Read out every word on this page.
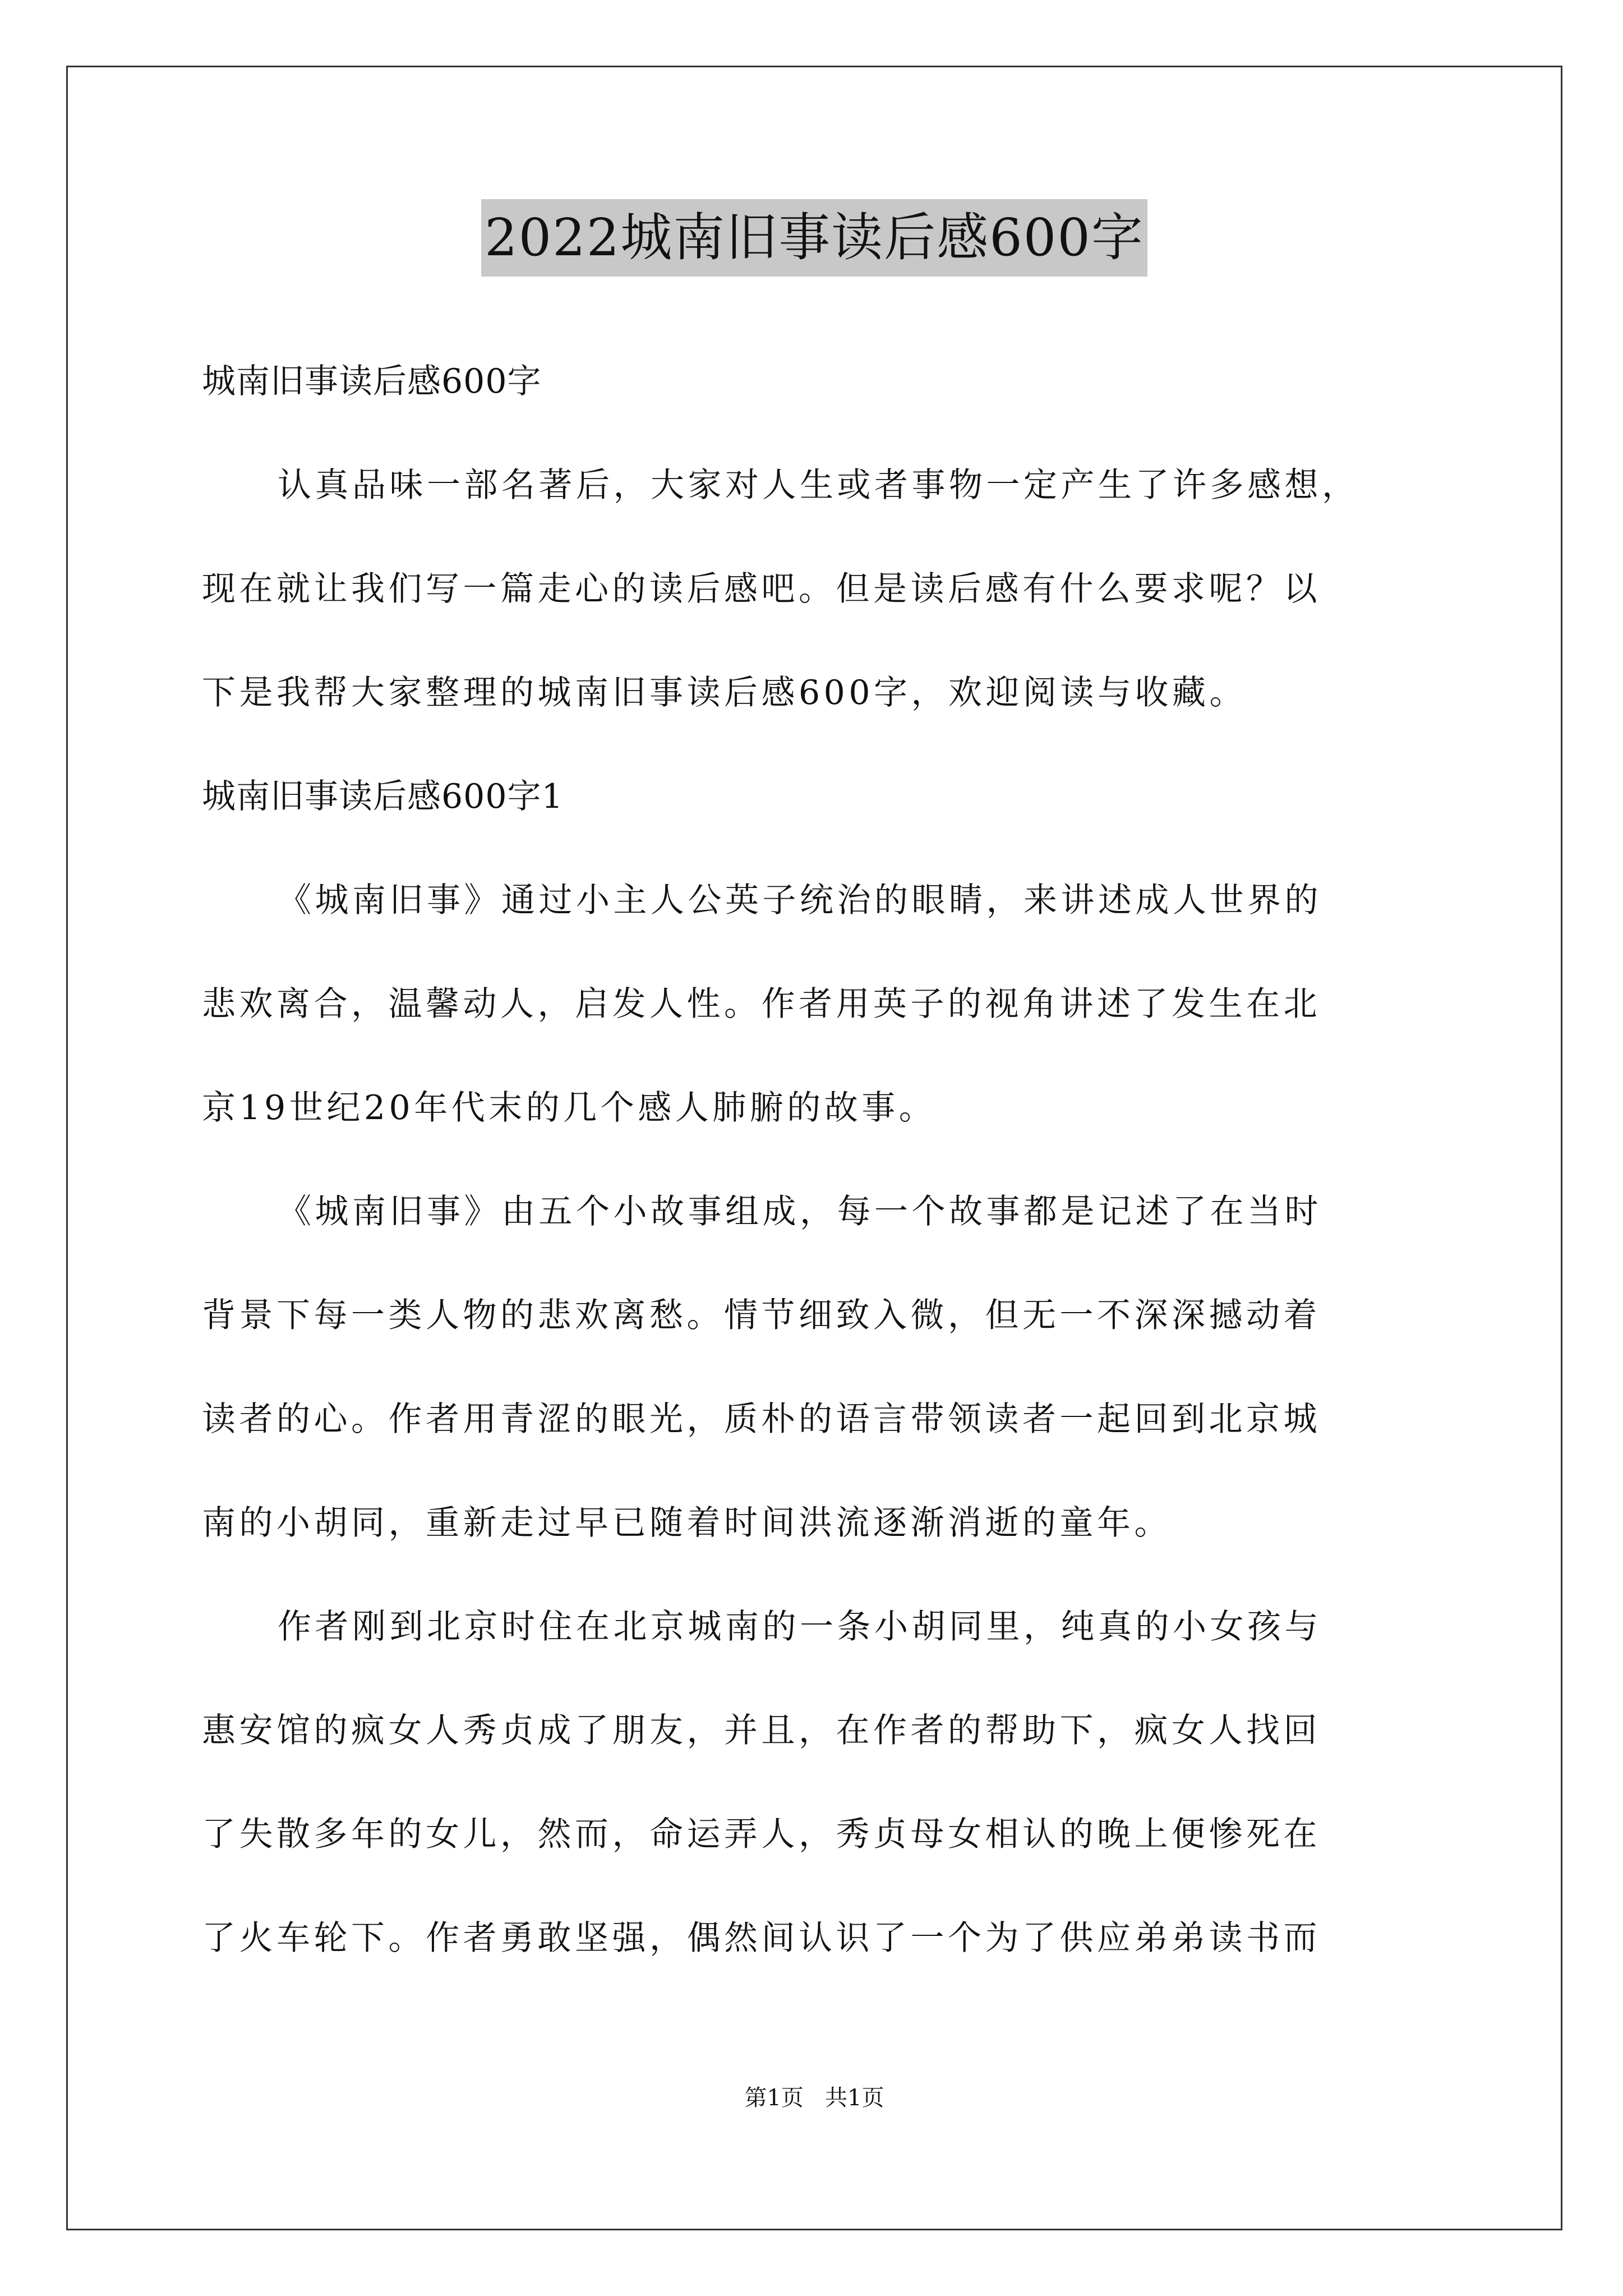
2022城南旧事读后感600字
城南旧事读后感600字
认真品味一部名著后，大家对人生或者事物一定产生了许多感想，
现在就让我们写一篇走心的读后感吧。但是读后感有什么要求呢？以
下是我帮大家整理的城南旧事读后感600字，欢迎阅读与收藏。
城南旧事读后感600字1
《城南旧事》通过小主人公英子统治的眼睛，来讲述成人世界的
悲欢离合，温馨动人，启发人性。作者用英子的视角讲述了发生在北
京19世纪20年代末的几个感人肺腑的故事。
《城南旧事》由五个小故事组成，每一个故事都是记述了在当时
背景下每一类人物的悲欢离愁。情节细致入微，但无一不深深撼动着
读者的心。作者用青涩的眼光，质朴的语言带领读者一起回到北京城
南的小胡同，重新走过早已随着时间洪流逐渐消逝的童年。
作者刚到北京时住在北京城南的一条小胡同里，纯真的小女孩与
惠安馆的疯女人秀贞成了朋友，并且，在作者的帮助下，疯女人找回
了失散多年的女儿，然而，命运弄人，秀贞母女相认的晚上便惨死在
了火车轮下。作者勇敢坚强，偶然间认识了一个为了供应弟弟读书而
第1页   共1页
